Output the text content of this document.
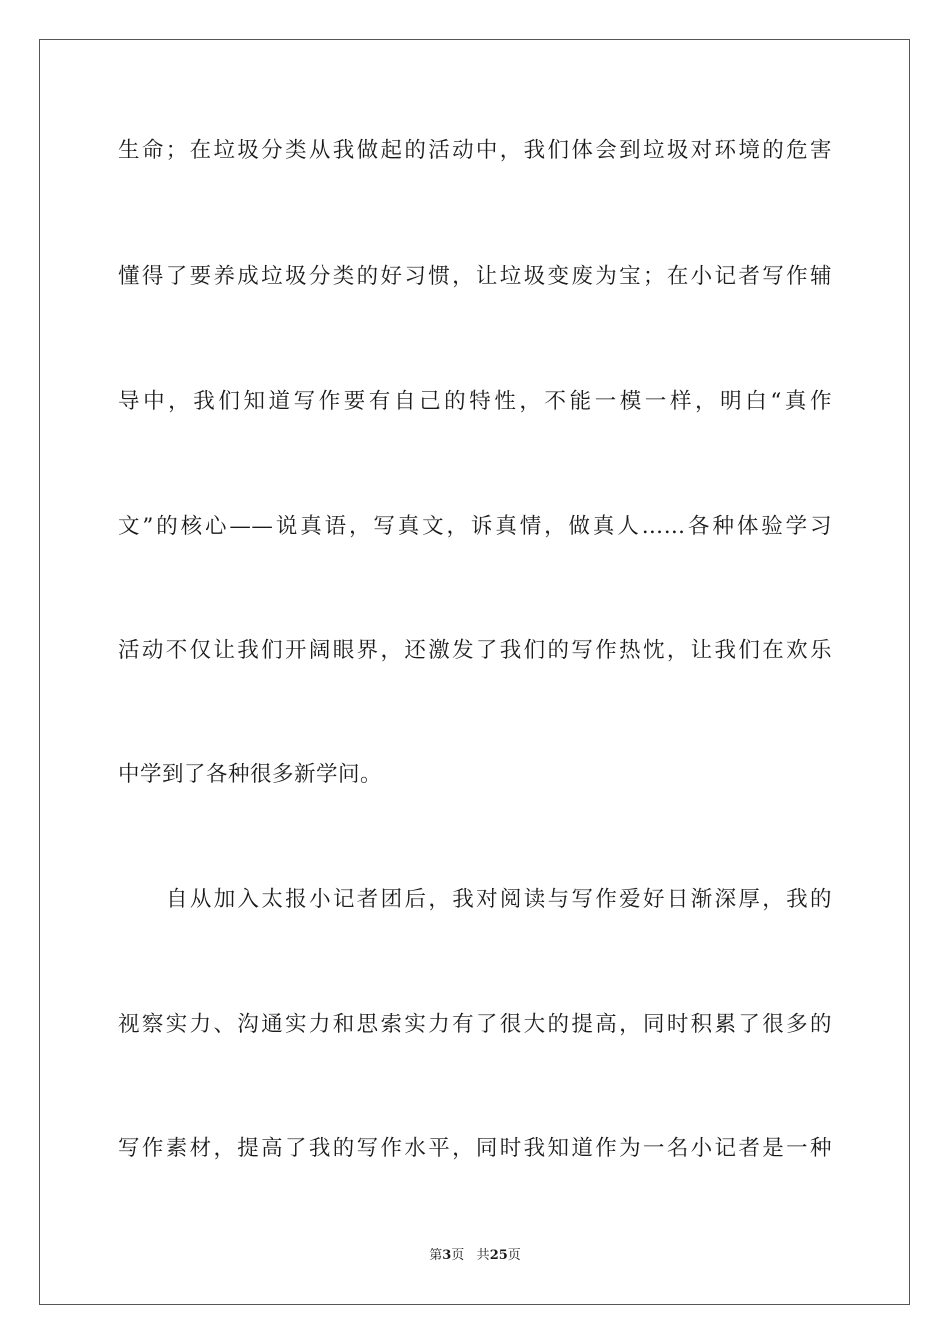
生命；在垃圾分类从我做起的活动中，我们体会到垃圾对环境的危害
懂得了要养成垃圾分类的好习惯，让垃圾变废为宝；在小记者写作辅
导中，我们知道写作要有自己的特性，不能一模一样，明白“真作
文”的核心——说真语，写真文，诉真情，做真人……各种体验学习
活动不仅让我们开阔眼界，还激发了我们的写作热忱，让我们在欢乐
中学到了各种很多新学问。
自从加入太报小记者团后，我对阅读与写作爱好日渐深厚，我的
视察实力、沟通实力和思索实力有了很大的提高，同时积累了很多的
写作素材，提高了我的写作水平，同时我知道作为一名小记者是一种
第3页 共25页
